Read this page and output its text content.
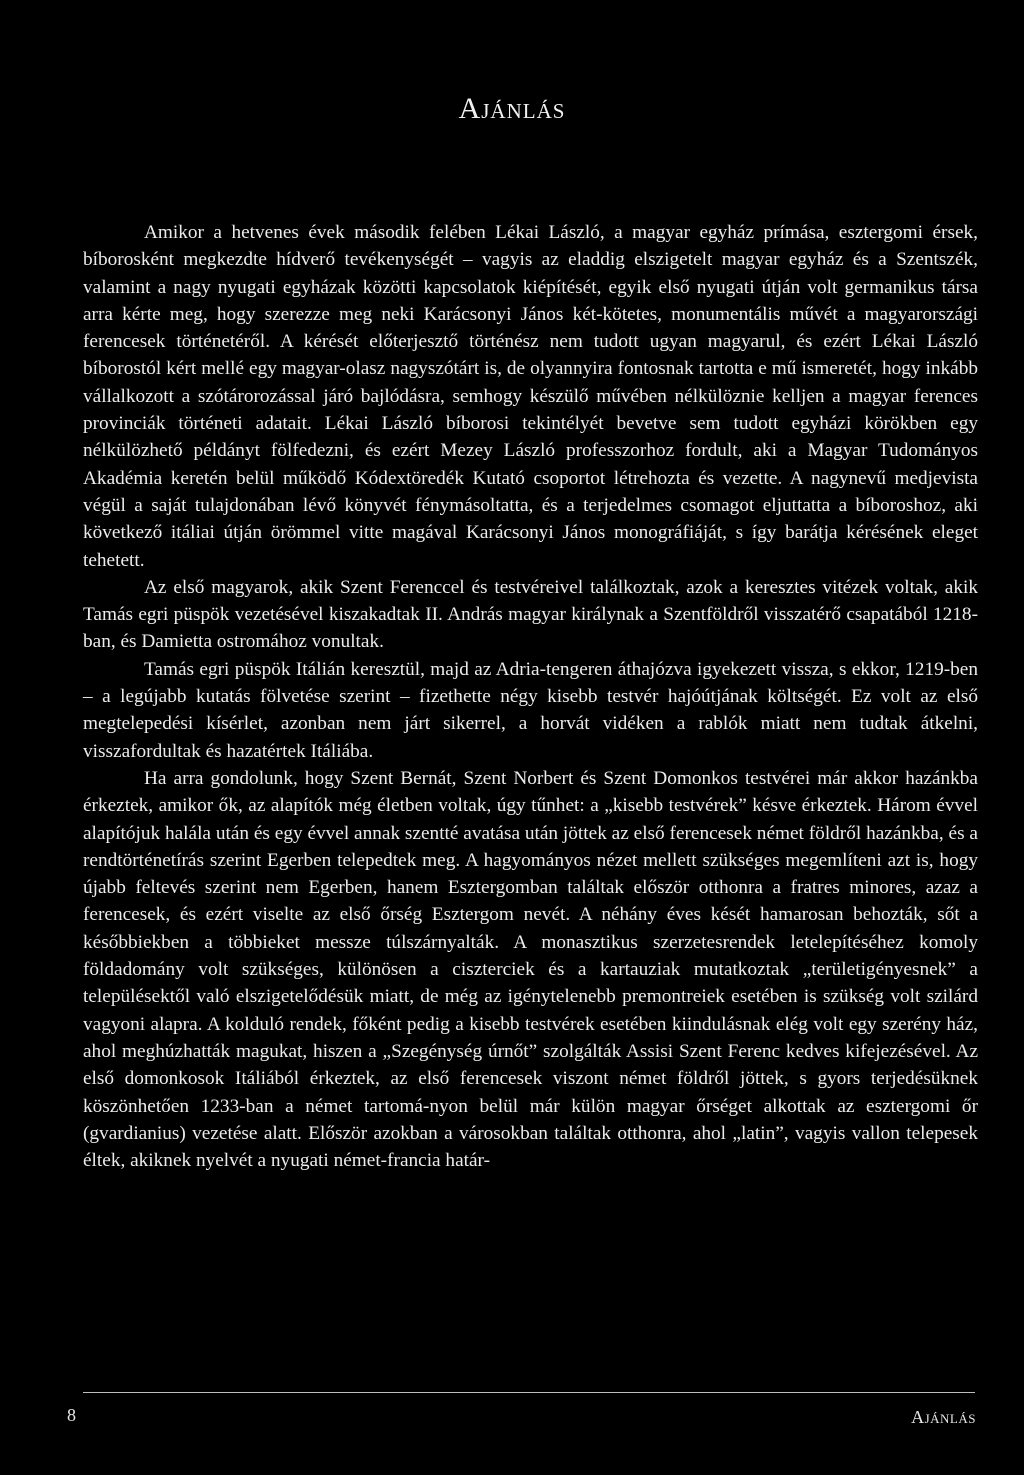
Ajánlás

Amikor a hetvenes évek második felében Lékai László, a magyar egyház prímása, esztergomi érsek, bíborosként megkezdte hídverő tevékenységét – vagyis az eladdig elszigetelt magyar egyház és a Szentszék, valamint a nagy nyugati egyházak közötti kapcsolatok kiépítését, egyik első nyugati útján volt germanikus társa arra kérte meg, hogy szerezze meg neki Karácsonyi János két-kötetes, monumentális művét a magyarországi ferencesek történetéről. A kérését előterjesztő történész nem tudott ugyan magyarul, és ezért Lékai László bíborostól kért mellé egy magyar-olasz nagyszótárt is, de olyannyira fontosnak tartotta e mű ismeretét, hogy inkább vállalkozott a szótárorozással járó bajlódásra, semhogy készülő művében nélkülöznie kelljen a magyar ferences provinciák történeti adatait. Lékai László bíborosi tekintélyét bevetve sem tudott egyházi körökben egy nélkülözhető példányt fölfedezni, és ezért Mezey László professzorhoz fordult, aki a Magyar Tudományos Akadémia keretén belül működő Kódextöredék Kutató csoportot létrehozta és vezette. A nagynevű medjevista végül a saját tulajdonában lévő könyvét fénymásoltatta, és a terjedelmes csomagot eljuttatta a bíboroshoz, aki következő itáliai útján örömmel vitte magával Karácsonyi János monográfiáját, s így barátja kérésének eleget tehetett.

Az első magyarok, akik Szent Ferenccel és testvéreivel találkoztak, azok a keresztes vitézek voltak, akik Tamás egri püspök vezetésével kiszakadtak II. András magyar királynak a Szentföldről visszatérő csapatából 1218-ban, és Damietta ostromához vonultak.

Tamás egri püspök Itálián keresztül, majd az Adria-tengeren áthajózva igyekezett vissza, s ekkor, 1219-ben – a legújabb kutatás fölvetése szerint – fizethette négy kisebb testvér hajóútjának költségét. Ez volt az első megtelepedési kísérlet, azonban nem járt sikerrel, a horvát vidéken a rablók miatt nem tudtak átkelni, visszafordultak és hazatértek Itáliába.

Ha arra gondolunk, hogy Szent Bernát, Szent Norbert és Szent Domonkos testvérei már akkor hazánkba érkeztek, amikor ők, az alapítók még életben voltak, úgy tűnhet: a „kisebb testvérek” késve érkeztek. Három évvel alapítójuk halála után és egy évvel annak szentté avatása után jöttek az első ferencesek német földről hazánkba, és a rendtörténetírás szerint Egerben telepedtek meg. A hagyományos nézet mellett szükséges megemlíteni azt is, hogy újabb feltevés szerint nem Egerben, hanem Esztergomban találtak először otthonra a fratres minores, azaz a ferencesek, és ezért viselte az első őrség Esztergom nevét. A néhány éves kését hamarosan behozták, sőt a későbbiekben a többieket messze túlszárnyalták. A monasztikus szerzetesrendek letelepítéséhez komoly földadomány volt szükséges, különösen a ciszterciek és a kartauziak mutatkoztak „területigényesnek” a településektől való elszigetelődésük miatt, de még az igénytelenebb premontreiek esetében is szükség volt szilárd vagyoni alapra. A kolduló rendek, főként pedig a kisebb testvérek esetében kiindulásnak elég volt egy szerény ház, ahol meghúzhatták magukat, hiszen a „Szegénység úrnőt” szolgálták Assisi Szent Ferenc kedves kifejezésével. Az első domonkosok Itáliából érkeztek, az első ferencesek viszont német földről jöttek, s gyors terjedésüknek köszönhetően 1233-ban a német tartomá-nyon belül már külön magyar őrséget alkottak az esztergomi őr (gvardianius) vezetése alatt. Először azokban a városokban találtak otthonra, ahol „latin”, vagyis vallon telepesek éltek, akiknek nyelvét a nyugati német-francia határ-

8	Ajánlás
